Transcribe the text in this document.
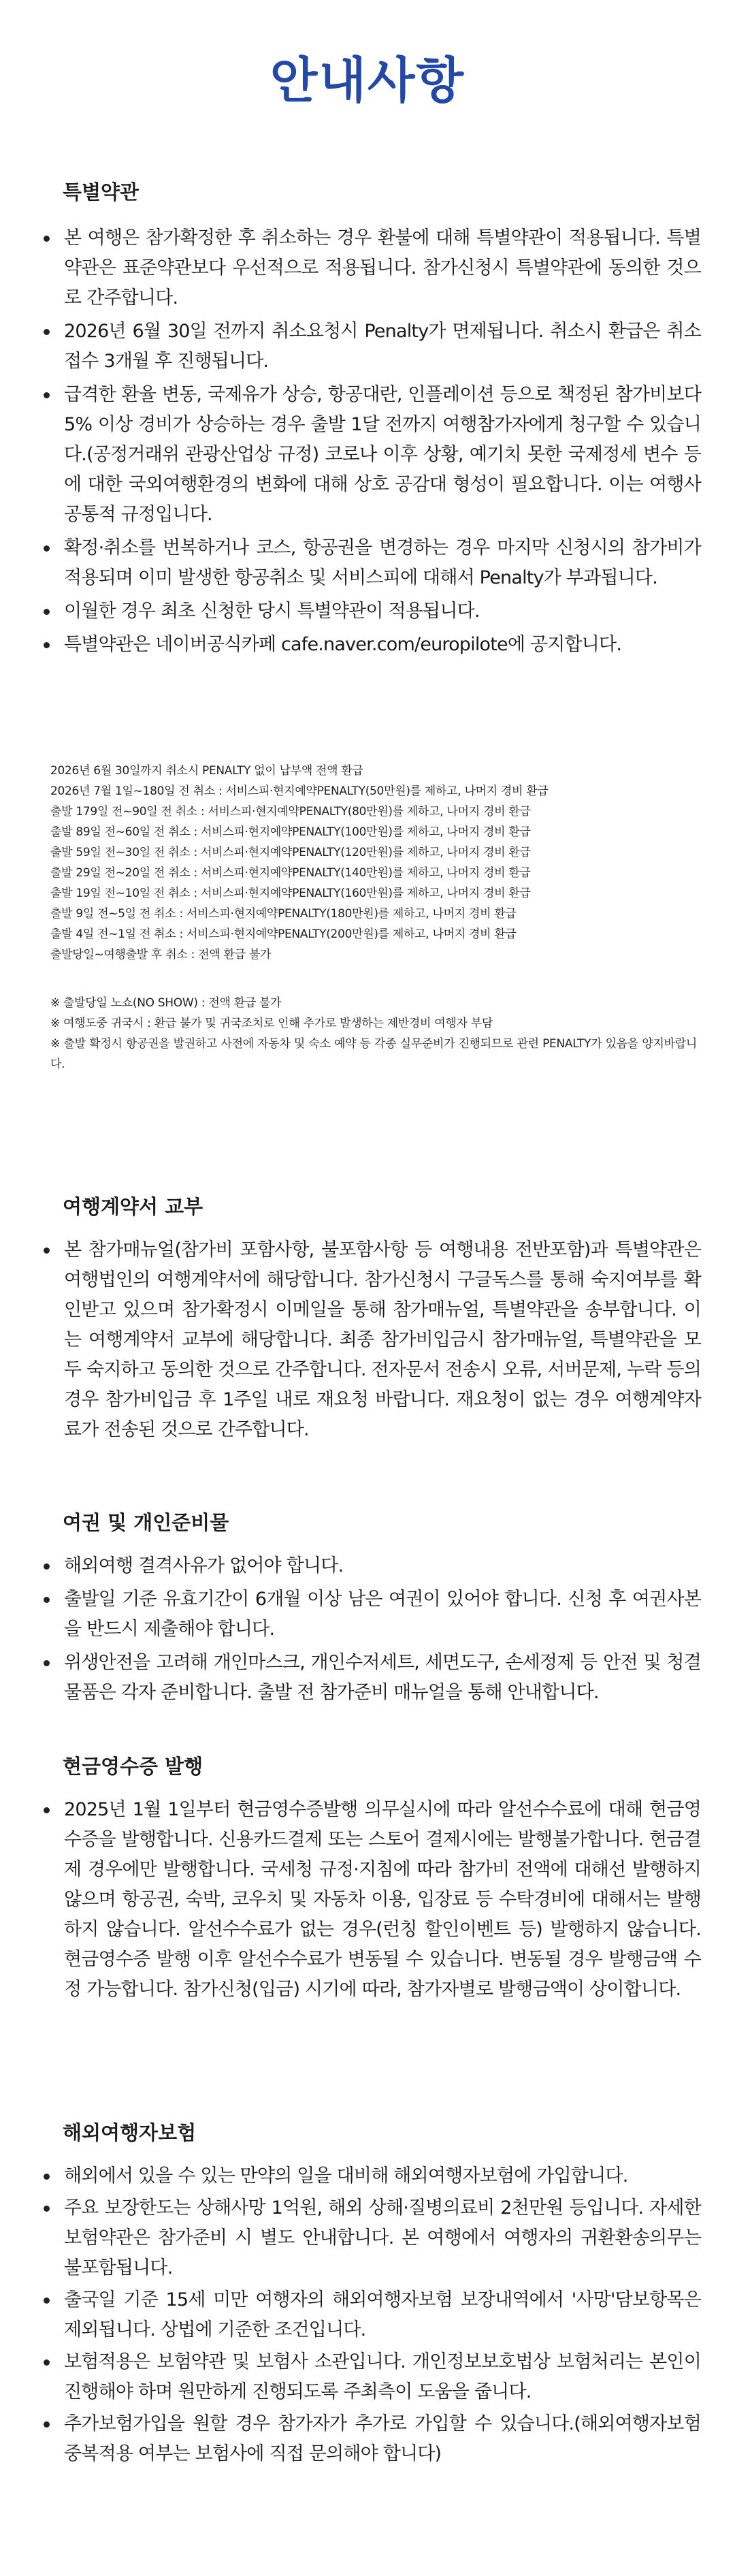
안내사항
특별약관
본 여행은 참가확정한 후 취소하는 경우 환불에 대해 특별약관이 적용됩니다. 특별약관은 표준약관보다 우선적으로 적용됩니다. 참가신청시 특별약관에 동의한 것으로 간주합니다.
2026년 6월 30일 전까지 취소요청시 Penalty가 면제됩니다. 취소시 환급은 취소 접수 3개월 후 진행됩니다.
급격한 환율 변동, 국제유가 상승, 항공대란, 인플레이션 등으로 책정된 참가비보다 5% 이상 경비가 상승하는 경우 출발 1달 전까지 여행참가자에게 청구할 수 있습니다.(공정거래위 관광산업상 규정) 코로나 이후 상황, 예기치 못한 국제정세 변수 등에 대한 국외여행환경의 변화에 대해 상호 공감대 형성이 필요합니다. 이는 여행사 공통적 규정입니다.
확정·취소를 번복하거나 코스, 항공권을 변경하는 경우 마지막 신청시의 참가비가 적용되며 이미 발생한 항공취소 및 서비스피에 대해서 Penalty가 부과됩니다.
이월한 경우 최초 신청한 당시 특별약관이 적용됩니다.
특별약관은 네이버공식카페 cafe.naver.com/europilote에 공지합니다.

2026년 6월 30일까지 취소시 PENALTY 없이 납부액 전액 환급

2026년 7월 1일~180일 전 취소 : 서비스피·현지예약PENALTY(50만원)를 제하고, 나머지 경비 환급

출발 179일 전~90일 전 취소 : 서비스피·현지예약PENALTY(80만원)를 제하고, 나머지 경비 환급

출발 89일 전~60일 전 취소 : 서비스피·현지예약PENALTY(100만원)를 제하고, 나머지 경비 환급

출발 59일 전~30일 전 취소 : 서비스피·현지예약PENALTY(120만원)를 제하고, 나머지 경비 환급

출발 29일 전~20일 전 취소 : 서비스피·현지예약PENALTY(140만원)를 제하고, 나머지 경비 환급

출발 19일 전~10일 전 취소 : 서비스피·현지예약PENALTY(160만원)를 제하고, 나머지 경비 환급

출발 9일 전~5일 전 취소 : 서비스피·현지예약PENALTY(180만원)를 제하고, 나머지 경비 환급

출발 4일 전~1일 전 취소 : 서비스피·현지예약PENALTY(200만원)를 제하고, 나머지 경비 환급

출발당일~여행출발 후 취소 : 전액 환급 불가

※ 출발당일 노쇼(NO SHOW) : 전액 환급 불가

※ 여행도중 귀국시 : 환급 불가 및 귀국조치로 인해 추가로 발생하는 제반경비 여행자 부담

※ 출발 확정시 항공권을 발권하고 사전에 자동차 및 숙소 예약 등 각종 실무준비가 진행되므로 관련 PENALTY가 있음을 양지바랍니다.

여행계약서 교부
본 참가매뉴얼(참가비 포함사항, 불포함사항 등 여행내용 전반포함)과 특별약관은 여행법인의 여행계약서에 해당합니다. 참가신청시 구글독스를 통해 숙지여부를 확인받고 있으며 참가확정시 이메일을 통해 참가매뉴얼, 특별약관을 송부합니다. 이는 여행계약서 교부에 해당합니다. 최종 참가비입금시 참가매뉴얼, 특별약관을 모두 숙지하고 동의한 것으로 간주합니다. 전자문서 전송시 오류, 서버문제, 누락 등의 경우 참가비입금 후 1주일 내로 재요청 바랍니다. 재요청이 없는 경우 여행계약자료가 전송된 것으로 간주합니다.
여권 및 개인준비물
해외여행 결격사유가 없어야 합니다.
출발일 기준 유효기간이 6개월 이상 남은 여권이 있어야 합니다. 신청 후 여권사본을 반드시 제출해야 합니다.
위생안전을 고려해 개인마스크, 개인수저세트, 세면도구, 손세정제 등 안전 및 청결물품은 각자 준비합니다. 출발 전 참가준비 매뉴얼을 통해 안내합니다.
현금영수증 발행
2025년 1월 1일부터 현금영수증발행 의무실시에 따라 알선수수료에 대해 현금영수증을 발행합니다. 신용카드결제 또는 스토어 결제시에는 발행불가합니다. 현금결제 경우에만 발행합니다. 국세청 규정·지침에 따라 참가비 전액에 대해선 발행하지 않으며 항공권, 숙박, 코우치 및 자동차 이용, 입장료 등 수탁경비에 대해서는 발행하지 않습니다. 알선수수료가 없는 경우(런칭 할인이벤트 등) 발행하지 않습니다. 현금영수증 발행 이후 알선수수료가 변동될 수 있습니다. 변동될 경우 발행금액 수정 가능합니다. 참가신청(입금) 시기에 따라, 참가자별로 발행금액이 상이합니다.
해외여행자보험
해외에서 있을 수 있는 만약의 일을 대비해 해외여행자보험에 가입합니다.
주요 보장한도는 상해사망 1억원, 해외 상해·질병의료비 2천만원 등입니다. 자세한 보험약관은 참가준비 시 별도 안내합니다. 본 여행에서 여행자의 귀환환송의무는 불포함됩니다.
출국일 기준 15세 미만 여행자의 해외여행자보험 보장내역에서 '사망'담보항목은 제외됩니다. 상법에 기준한 조건입니다.
보험적용은 보험약관 및 보험사 소관입니다. 개인정보보호법상 보험처리는 본인이 진행해야 하며 원만하게 진행되도록 주최측이 도움을 줍니다.
추가보험가입을 원할 경우 참가자가 추가로 가입할 수 있습니다.(해외여행자보험 중복적용 여부는 보험사에 직접 문의해야 합니다)
